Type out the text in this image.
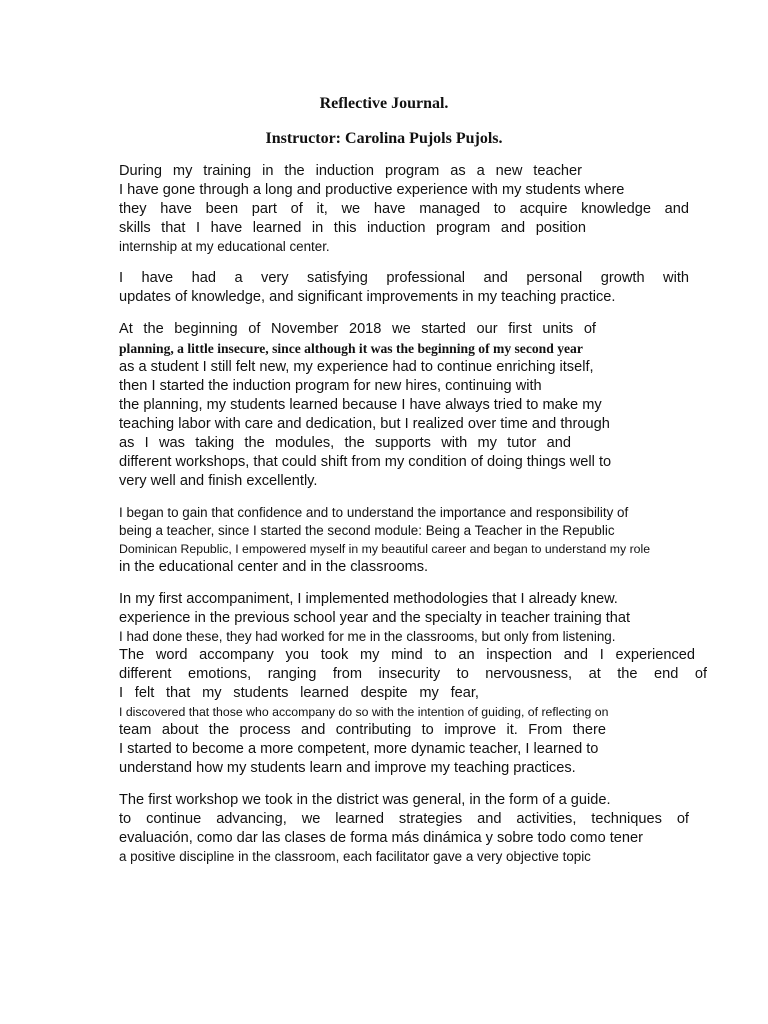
Reflective Journal.
Instructor: Carolina Pujols Pujols.
During my training in the induction program as a new teacher
I have gone through a long and productive experience with my students where
they have been part of it, we have managed to acquire knowledge and
skills that I have learned in this induction program and position
internship at my educational center.
I have had a very satisfying professional and personal growth with
updates of knowledge, and significant improvements in my teaching practice.
At the beginning of November 2018 we started our first units of
planning, a little insecure, since although it was the beginning of my second year
as a student I still felt new, my experience had to continue enriching itself,
then I started the induction program for new hires, continuing with
the planning, my students learned because I have always tried to make my
teaching labor with care and dedication, but I realized over time and through
as I was taking the modules, the supports with my tutor and
different workshops, that could shift from my condition of doing things well to
very well and finish excellently.
I began to gain that confidence and to understand the importance and responsibility of
being a teacher, since I started the second module: Being a Teacher in the Republic
Dominican Republic, I empowered myself in my beautiful career and began to understand my role
in the educational center and in the classrooms.
In my first accompaniment, I implemented methodologies that I already knew.
experience in the previous school year and the specialty in teacher training that
I had done these, they had worked for me in the classrooms, but only from listening.
The word accompany you took my mind to an inspection and I experienced
different emotions, ranging from insecurity to nervousness, at the end of
I felt that my students learned despite my fear,
I discovered that those who accompany do so with the intention of guiding, of reflecting on
team about the process and contributing to improve it. From there
I started to become a more competent, more dynamic teacher, I learned to
understand how my students learn and improve my teaching practices.
The first workshop we took in the district was general, in the form of a guide.
to continue advancing, we learned strategies and activities, techniques of
evaluación, como dar las clases de forma más dinámica y sobre todo como tener
a positive discipline in the classroom, each facilitator gave a very objective topic
